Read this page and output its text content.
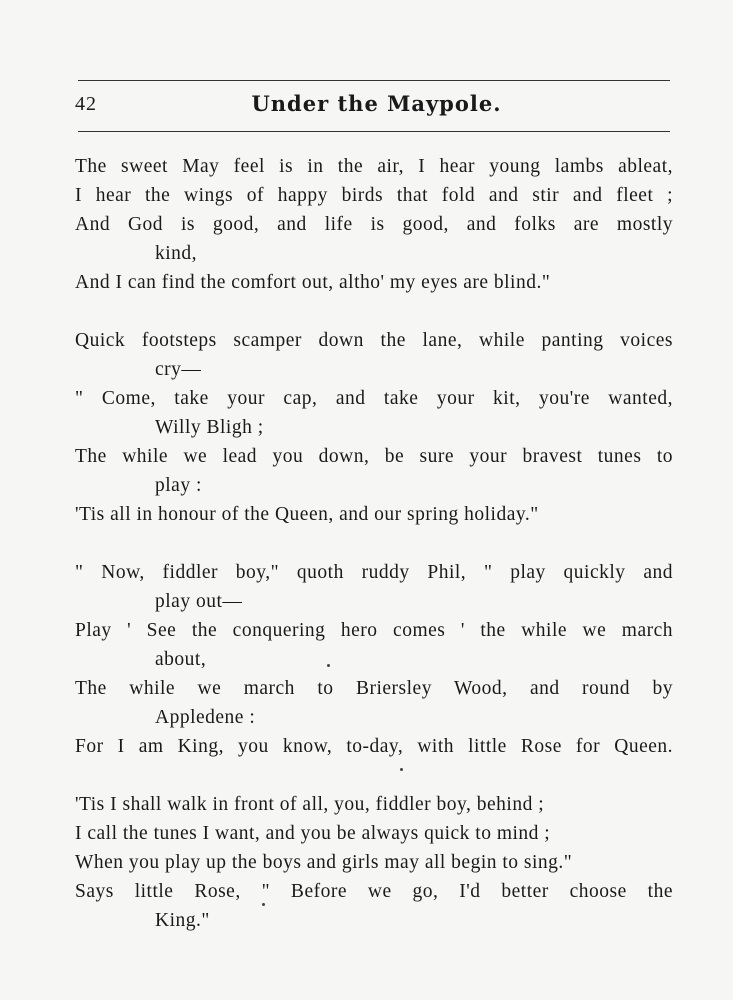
42	Under the Maypole.
The sweet May feel is in the air, I hear young lambs ableat,
I hear the wings of happy birds that fold and stir and fleet ;
And God is good, and life is good, and folks are mostly
kind,
And I can find the comfort out, altho' my eyes are blind."
Quick footsteps scamper down the lane, while panting voices
cry—
" Come, take your cap, and take your kit, you're wanted,
Willy Bligh ;
The while we lead you down, be sure your bravest tunes to
play :
'Tis all in honour of the Queen, and our spring holiday."
" Now, fiddler boy," quoth ruddy Phil, " play quickly and
play out—
Play ' See the conquering hero comes ' the while we march
about,
The while we march to Briersley Wood, and round by
Appledene :
For I am King, you know, to-day, with little Rose for Queen.
'Tis I shall walk in front of all, you, fiddler boy, behind ;
I call the tunes I want, and you be always quick to mind ;
When you play up the boys and girls may all begin to sing."
Says little Rose, " Before we go, I'd better choose the
King."
